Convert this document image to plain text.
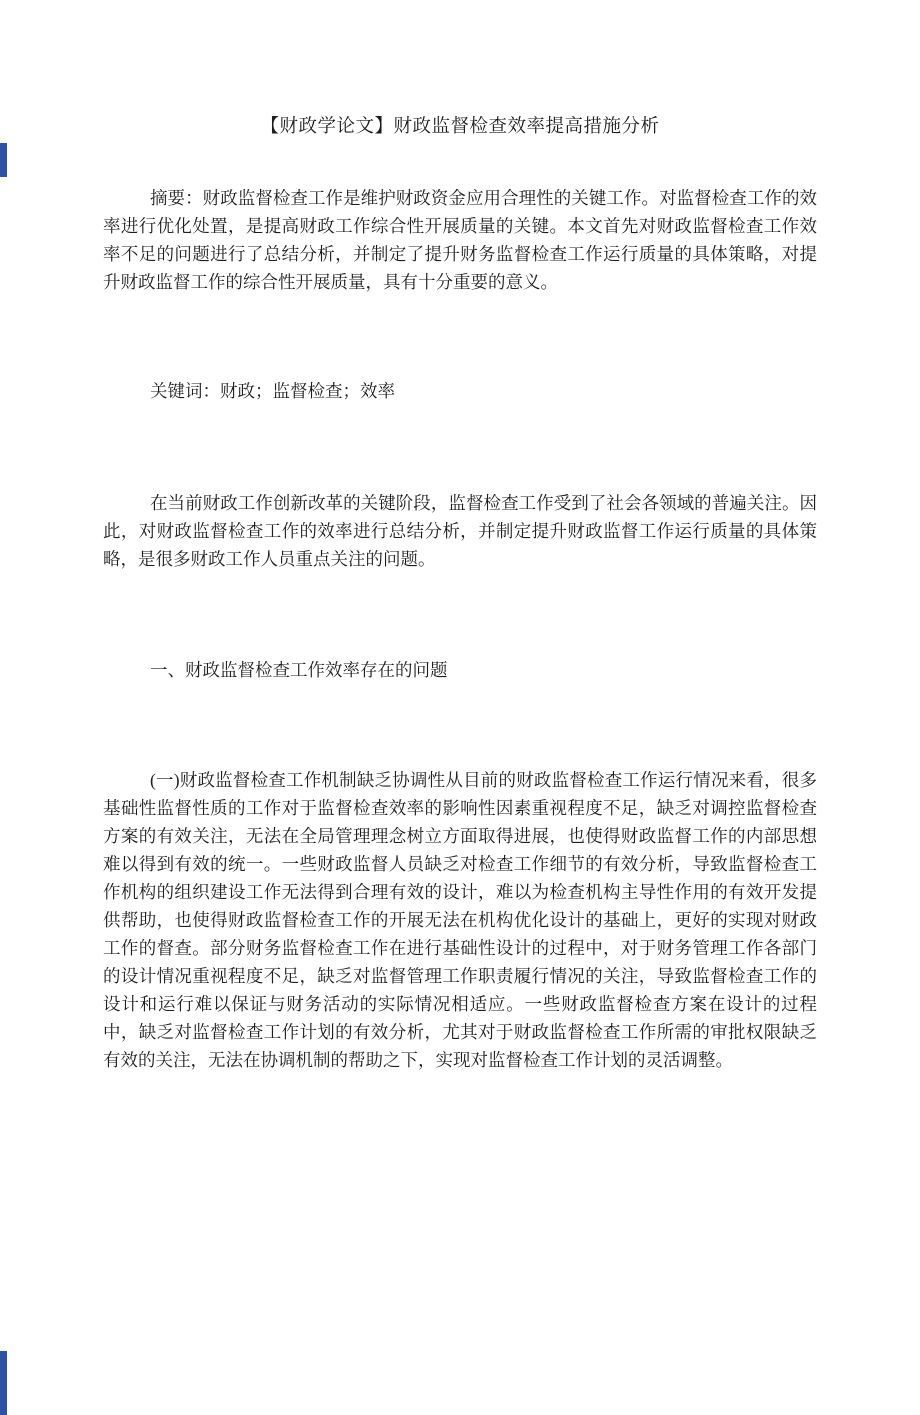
【财政学论文】财政监督检查效率提高措施分析

摘要：财政监督检查工作是维护财政资金应用合理性的关键工作。对监督检查工作的效率进行优化处置，是提高财政工作综合性开展质量的关键。本文首先对财政监督检查工作效率不足的问题进行了总结分析，并制定了提升财务监督检查工作运行质量的具体策略，对提升财政监督工作的综合性开展质量，具有十分重要的意义。

关键词：财政；监督检查；效率

在当前财政工作创新改革的关键阶段，监督检查工作受到了社会各领域的普遍关注。因此，对财政监督检查工作的效率进行总结分析，并制定提升财政监督工作运行质量的具体策略，是很多财政工作人员重点关注的问题。

一、财政监督检查工作效率存在的问题

(一)财政监督检查工作机制缺乏协调性从目前的财政监督检查工作运行情况来看，很多基础性监督性质的工作对于监督检查效率的影响性因素重视程度不足，缺乏对调控监督检查方案的有效关注，无法在全局管理理念树立方面取得进展，也使得财政监督工作的内部思想难以得到有效的统一。一些财政监督人员缺乏对检查工作细节的有效分析，导致监督检查工作机构的组织建设工作无法得到合理有效的设计，难以为检查机构主导性作用的有效开发提供帮助，也使得财政监督检查工作的开展无法在机构优化设计的基础上，更好的实现对财政工作的督查。部分财务监督检查工作在进行基础性设计的过程中，对于财务管理工作各部门的设计情况重视程度不足，缺乏对监督管理工作职责履行情况的关注，导致监督检查工作的设计和运行难以保证与财务活动的实际情况相适应。一些财政监督检查方案在设计的过程中，缺乏对监督检查工作计划的有效分析，尤其对于财政监督检查工作所需的审批权限缺乏有效的关注，无法在协调机制的帮助之下，实现对监督检查工作计划的灵活调整。
